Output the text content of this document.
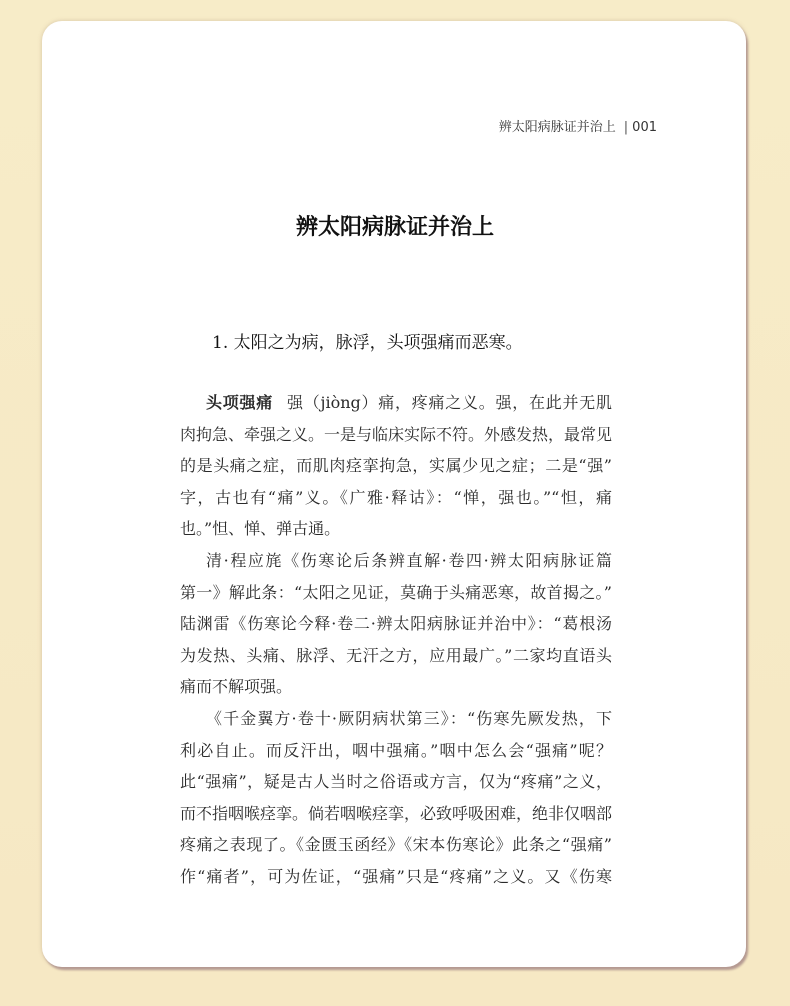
辨太阳病脉证并治上 | 001
辨太阳病脉证并治上
1. 太阳之为病，脉浮，头项强痛而恶寒。
头项强痛 强（jiòng）痛，疼痛之义。强，在此并无肌
肉拘急、牵强之义。一是与临床实际不符。外感发热，最常见
的是头痛之症，而肌肉痉挛拘急，实属少见之症；二是“强”
字，古也有“痛”义。《广雅·释诂》：“惮，强也。”“怛，痛
也。”怛、惮、弹古通。
清·程应旄《伤寒论后条辨直解·卷四·辨太阳病脉证篇
第一》解此条：“太阳之见证，莫确于头痛恶寒，故首揭之。”
陆渊雷《伤寒论今释·卷二·辨太阳病脉证并治中》：“葛根汤
为发热、头痛、脉浮、无汗之方，应用最广。”二家均直语头
痛而不解项强。
《千金翼方·卷十·厥阴病状第三》：“伤寒先厥发热，下
利必自止。而反汗出，咽中强痛。”咽中怎么会“强痛”呢？
此“强痛”，疑是古人当时之俗语或方言，仅为“疼痛”之义，
而不指咽喉痉挛。倘若咽喉痉挛，必致呼吸困难，绝非仅咽部
疼痛之表现了。《金匮玉函经》《宋本伤寒论》此条之“强痛”
作“痛者”，可为佐证，“强痛”只是“疼痛”之义。又《伤寒
